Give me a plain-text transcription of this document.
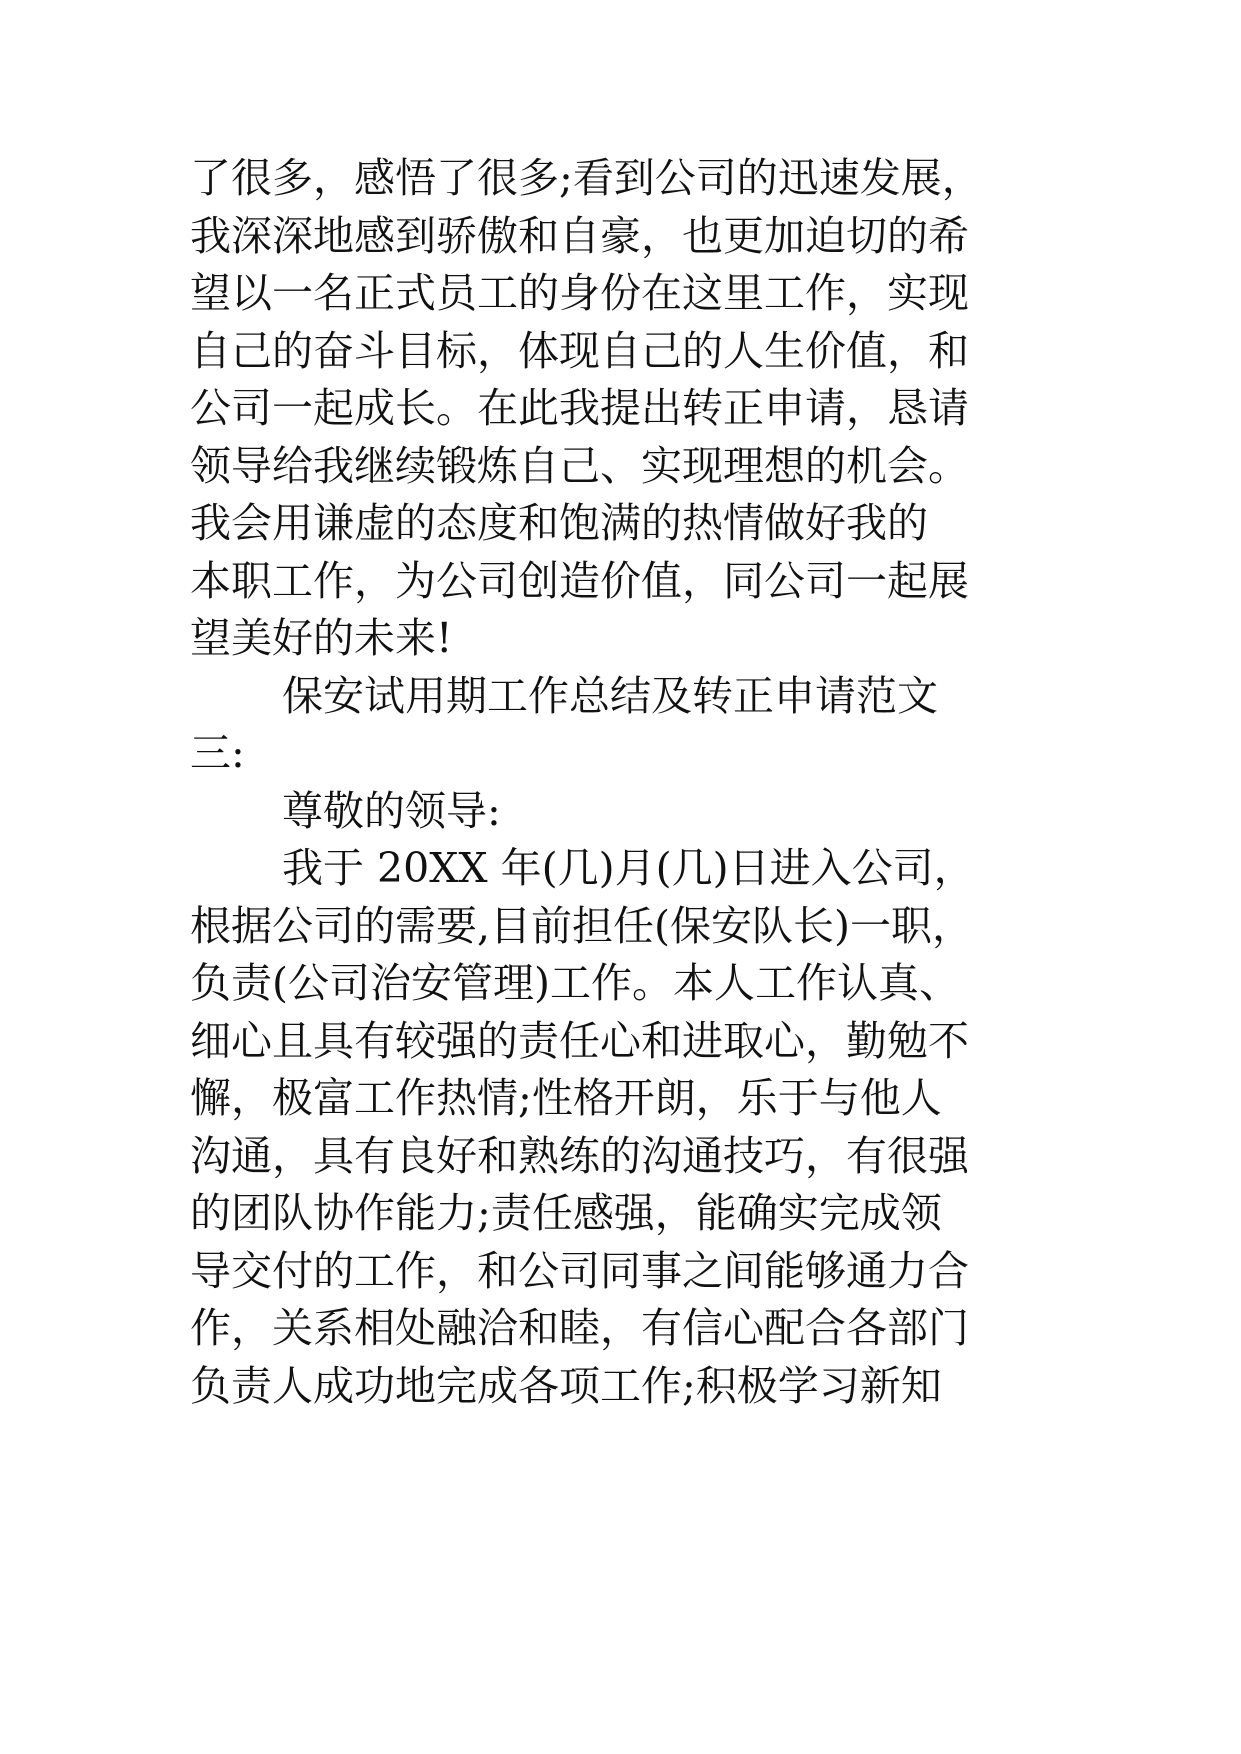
了很多，感悟了很多;看到公司的迅速发展，
我深深地感到骄傲和自豪，也更加迫切的希
望以一名正式员工的身份在这里工作，实现
自己的奋斗目标，体现自己的人生价值，和
公司一起成长。在此我提出转正申请，恳请
领导给我继续锻炼自己、实现理想的机会。
我会用谦虚的态度和饱满的热情做好我的
本职工作，为公司创造价值，同公司一起展
望美好的未来!
保安试用期工作总结及转正申请范文
三:
尊敬的领导:
我于 20XX 年(几)月(几)日进入公司，
根据公司的需要,目前担任(保安队长)一职，
负责(公司治安管理)工作。本人工作认真、
细心且具有较强的责任心和进取心，勤勉不
懈，极富工作热情;性格开朗，乐于与他人
沟通，具有良好和熟练的沟通技巧，有很强
的团队协作能力;责任感强，能确实完成领
导交付的工作，和公司同事之间能够通力合
作，关系相处融洽和睦，有信心配合各部门
负责人成功地完成各项工作;积极学习新知
